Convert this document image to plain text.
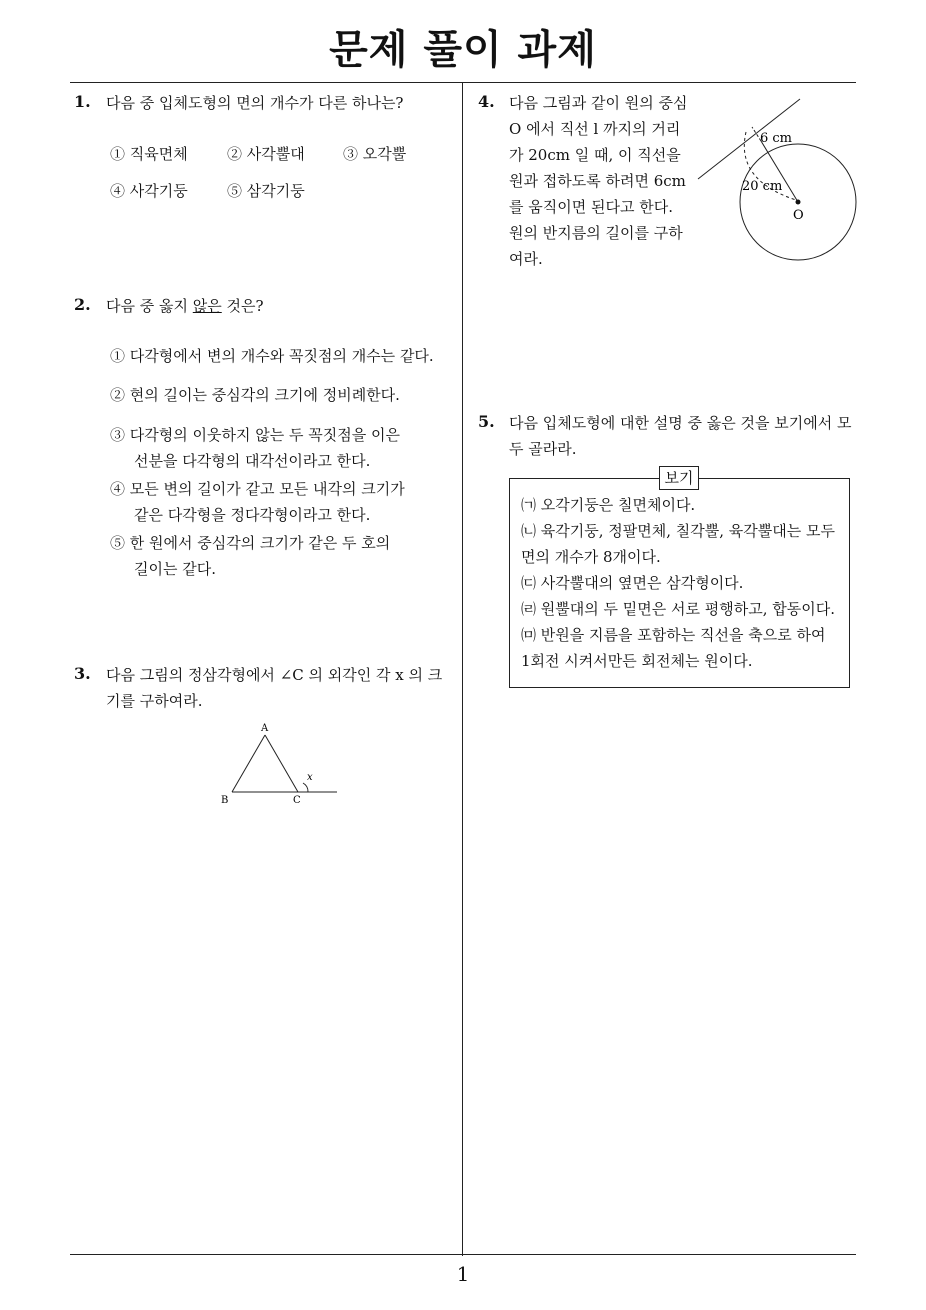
문제 풀이 과제
1
1. 다음 중 입체도형의 면의 개수가 다른 하나는?
① 직육면체	② 사각뿔대	③ 오각뿔
④ 사각기둥	⑤ 삼각기둥
2. 다음 중 옳지 않은 것은?
① 다각형에서 변의 개수와 꼭짓점의 개수는 같다.
② 현의 길이는 중심각의 크기에 정비례한다.
③ 다각형의 이웃하지 않는 두 꼭짓점을 이은
선분을 다각형의 대각선이라고 한다.
④ 모든 변의 길이가 같고 모든 내각의 크기가
같은 다각형을 정다각형이라고 한다.
⑤ 한 원에서 중심각의 크기가 같은 두 호의
길이는 같다.
3. 다음 그림의 정삼각형에서 ∠C 의 외각인 각 x 의 크
기를 구하여라.
A
B	C
x
4. 다음 그림과 같이 원의 중심
O 에서 직선 l 까지의 거리
가 20cm 일 때, 이 직선을
원과 접하도록 하려면 6cm
를 움직이면 된다고 한다.
원의 반지름의 길이를 구하
여라.
6 cm
20 cm
O
5. 다음 입체도형에 대한 설명 중 옳은 것을 보기에서 모
두 골라라.
보기
㈀ 오각기둥은 칠면체이다.
㈁ 육각기둥, 정팔면체, 칠각뿔, 육각뿔대는 모두
면의 개수가 8개이다.
㈂ 사각뿔대의 옆면은 삼각형이다.
㈃ 원뿔대의 두 밑면은 서로 평행하고, 합동이다.
㈄ 반원을 지름을 포함하는 직선을 축으로 하여
1회전 시켜서만든 회전체는 원이다.
